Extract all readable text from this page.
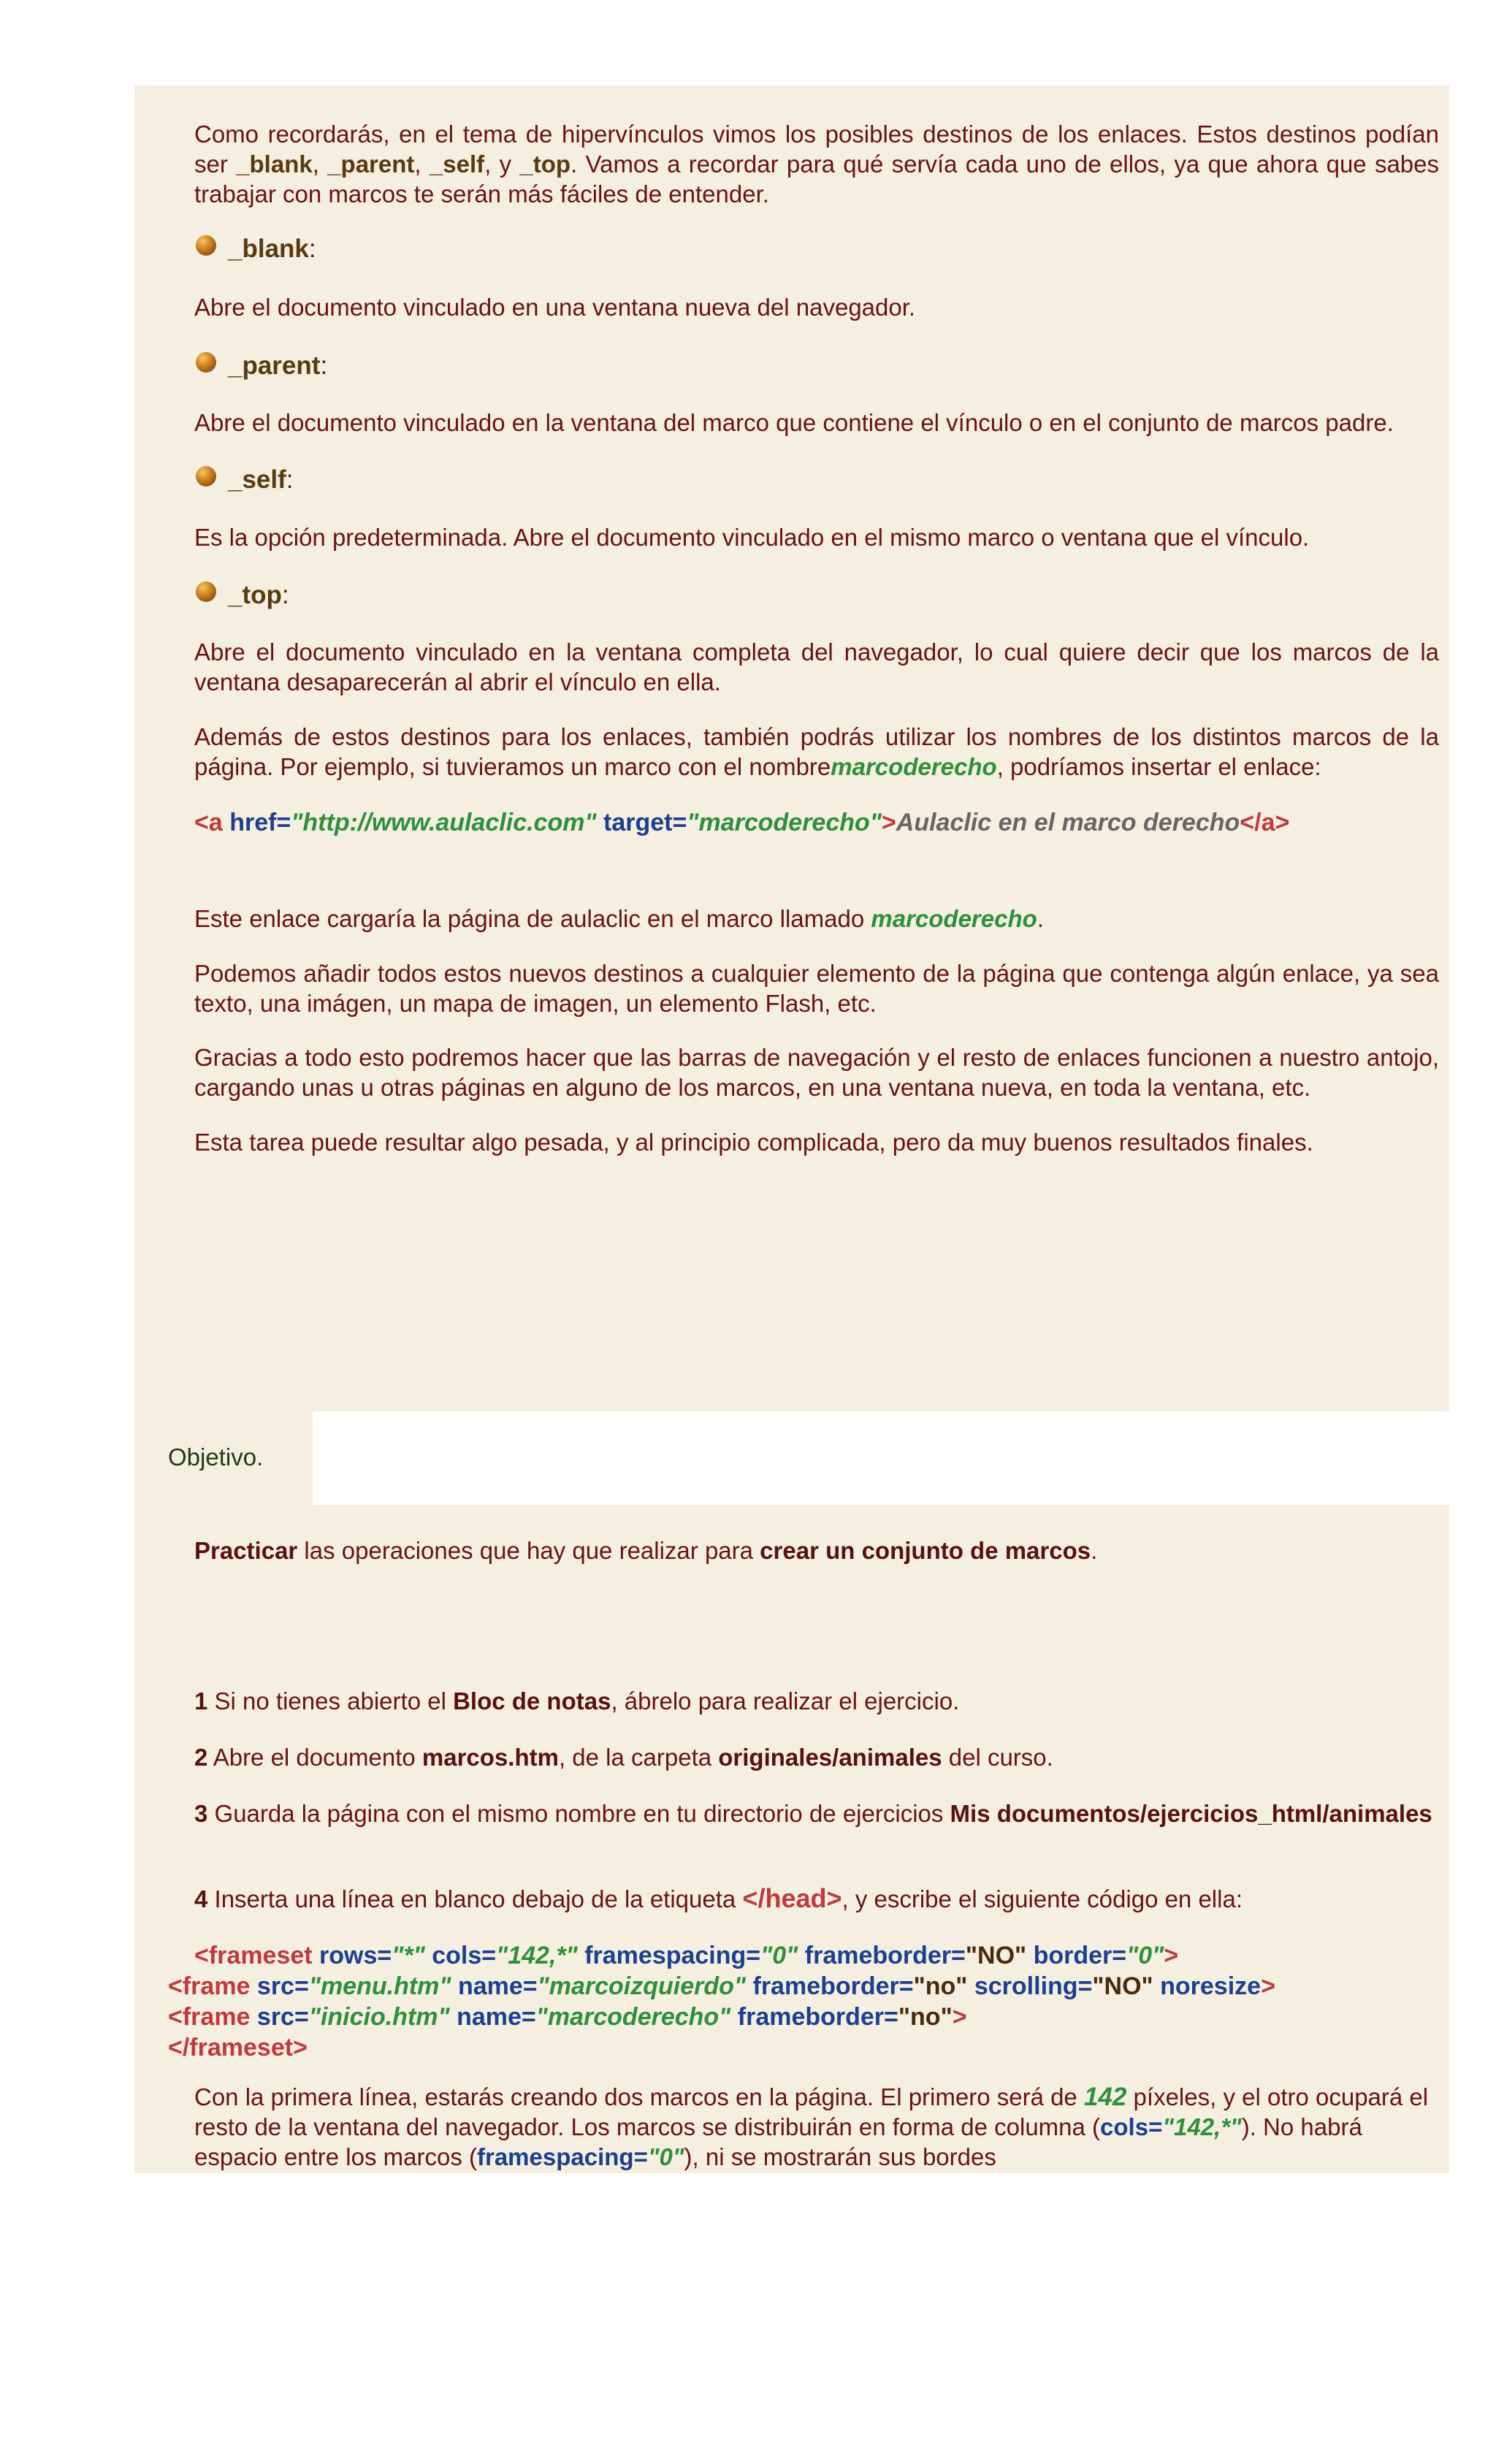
Como recordarás, en el tema de hipervínculos vimos los posibles destinos de los enlaces. Estos destinos podían ser _blank, _parent, _self, y _top. Vamos a recordar para qué servía cada uno de ellos, ya que ahora que sabes trabajar con marcos te serán más fáciles de entender.

_blank:

Abre el documento vinculado en una ventana nueva del navegador.

_parent:

Abre el documento vinculado en la ventana del marco que contiene el vínculo o en el conjunto de marcos padre.

_self:

Es la opción predeterminada. Abre el documento vinculado en el mismo marco o ventana que el vínculo.

_top:

Abre el documento vinculado en la ventana completa del navegador, lo cual quiere decir que los marcos de la ventana desaparecerán al abrir el vínculo en ella.

Además de estos destinos para los enlaces, también podrás utilizar los nombres de los distintos marcos de la página. Por ejemplo, si tuvieramos un marco con el nombremarcoderecho, podríamos insertar el enlace:

<a href="http://www.aulaclic.com" target="marcoderecho">Aulaclic en el marco derecho</a>

Este enlace cargaría la página de aulaclic en el marco llamado marcoderecho.

Podemos añadir todos estos nuevos destinos a cualquier elemento de la página que contenga algún enlace, ya sea texto, una imágen, un mapa de imagen, un elemento Flash, etc.

Gracias a todo esto podremos hacer que las barras de navegación y el resto de enlaces funcionen a nuestro antojo, cargando unas u otras páginas en alguno de los marcos, en una ventana nueva, en toda la ventana, etc.

Esta tarea puede resultar algo pesada, y al principio complicada, pero da muy buenos resultados finales.

Objetivo.

Practicar las operaciones que hay que realizar para crear un conjunto de marcos.

1 Si no tienes abierto el Bloc de notas, ábrelo para realizar el ejercicio.

2 Abre el documento marcos.htm, de la carpeta originales/animales del curso.

3 Guarda la página con el mismo nombre en tu directorio de ejercicios Mis documentos/ejercicios_html/animales

4 Inserta una línea en blanco debajo de la etiqueta </head>, y escribe el siguiente código en ella:

<frameset rows="*" cols="142,*" framespacing="0" frameborder="NO" border="0">
<frame src="menu.htm" name="marcoizquierdo" frameborder="no" scrolling="NO" noresize>
<frame src="inicio.htm" name="marcoderecho" frameborder="no">
</frameset>

Con la primera línea, estarás creando dos marcos en la página. El primero será de 142 píxeles, y el otro ocupará el resto de la ventana del navegador. Los marcos se distribuirán en forma de columna (cols="142,*"). No habrá espacio entre los marcos (framespacing="0"), ni se mostrarán sus bordes
